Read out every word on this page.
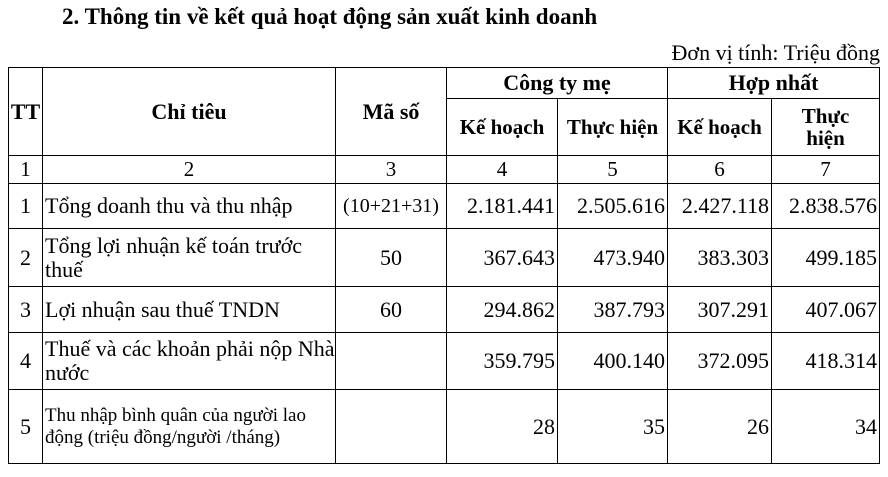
2. Thông tin về kết quả hoạt động sản xuất kinh doanh
Đơn vị tính: Triệu đồng
TT	Chỉ tiêu	Mã số	Công ty mẹ		Hợp nhất	
			Kế hoạch	Thực hiện	Kế hoạch	Thực hiện
1	2	3	4	5	6	7
1	Tổng doanh thu và thu nhập	(10+21+31)	2.181.441	2.505.616	2.427.118	2.838.576
2	Tổng lợi nhuận kế toán trước thuế	50	367.643	473.940	383.303	499.185
3	Lợi nhuận sau thuế TNDN	60	294.862	387.793	307.291	407.067
4	Thuế và các khoản phải nộp Nhà nước		359.795	400.140	372.095	418.314
5	Thu nhập bình quân của người lao động (triệu đồng/người /tháng)		28	35	26	34
